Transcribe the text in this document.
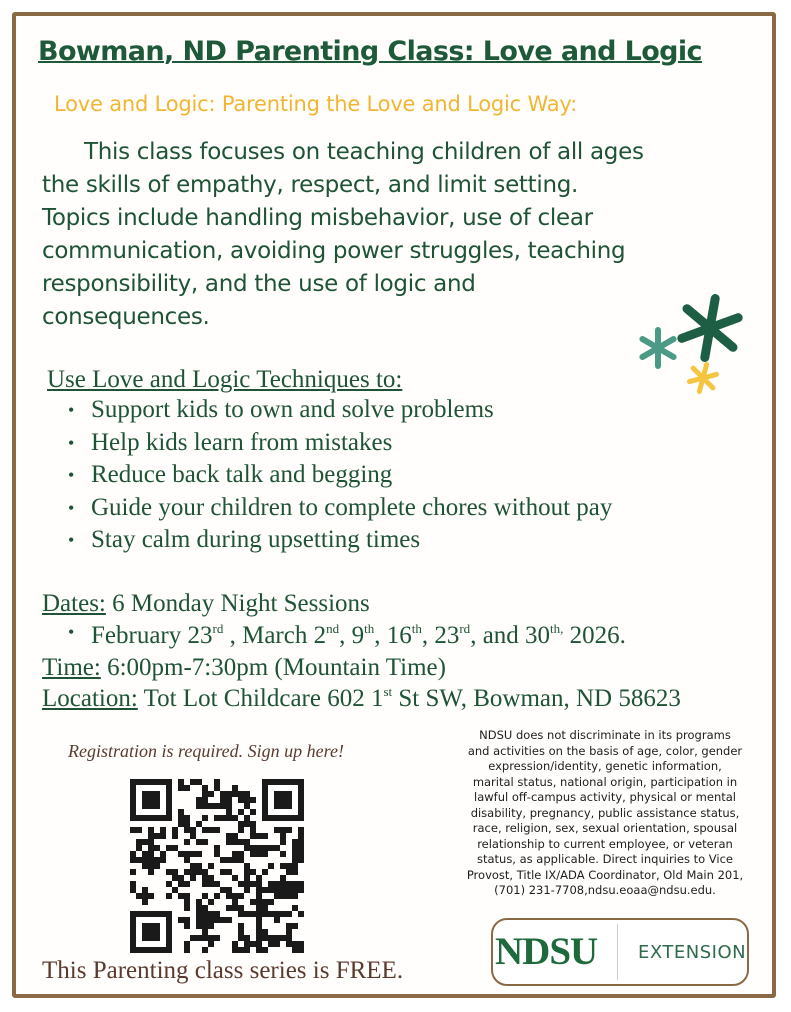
Bowman, ND Parenting Class: Love and Logic
Love and Logic: Parenting the Love and Logic Way:
This class focuses on teaching children of all ages
the skills of empathy, respect, and limit setting.
Topics include handling misbehavior, use of clear
communication, avoiding power struggles, teaching
responsibility, and the use of logic and
consequences.
Use Love and Logic Techniques to:
• Support kids to own and solve problems
• Help kids learn from mistakes
• Reduce back talk and begging
• Guide your children to complete chores without pay
• Stay calm during upsetting times
Dates: 6 Monday Night Sessions
• February 23rd , March 2nd, 9th, 16th, 23rd, and $30^{th,}$ 2026.
Time: 6:00pm-7:30pm (Mountain Time)
Location: Tot Lot Childcare 602 1st St SW, Bowman, ND 58623
Registration is required. Sign up here!
This Parenting class series is FREE.
NDSU does not discriminate in its programs
and activities on the basis of age, color, gender
expression/identity, genetic information,
marital status, national origin, participation in
lawful off-campus activity, physical or mental
disability, pregnancy, public assistance status,
race, religion, sex, sexual orientation, spousal
relationship to current employee, or veteran
status, as applicable. Direct inquiries to Vice
Provost, Title IX/ADA Coordinator, Old Main 201,
(701) 231-7708,ndsu.eoaa@ndsu.edu.
NDSU EXTENSION
